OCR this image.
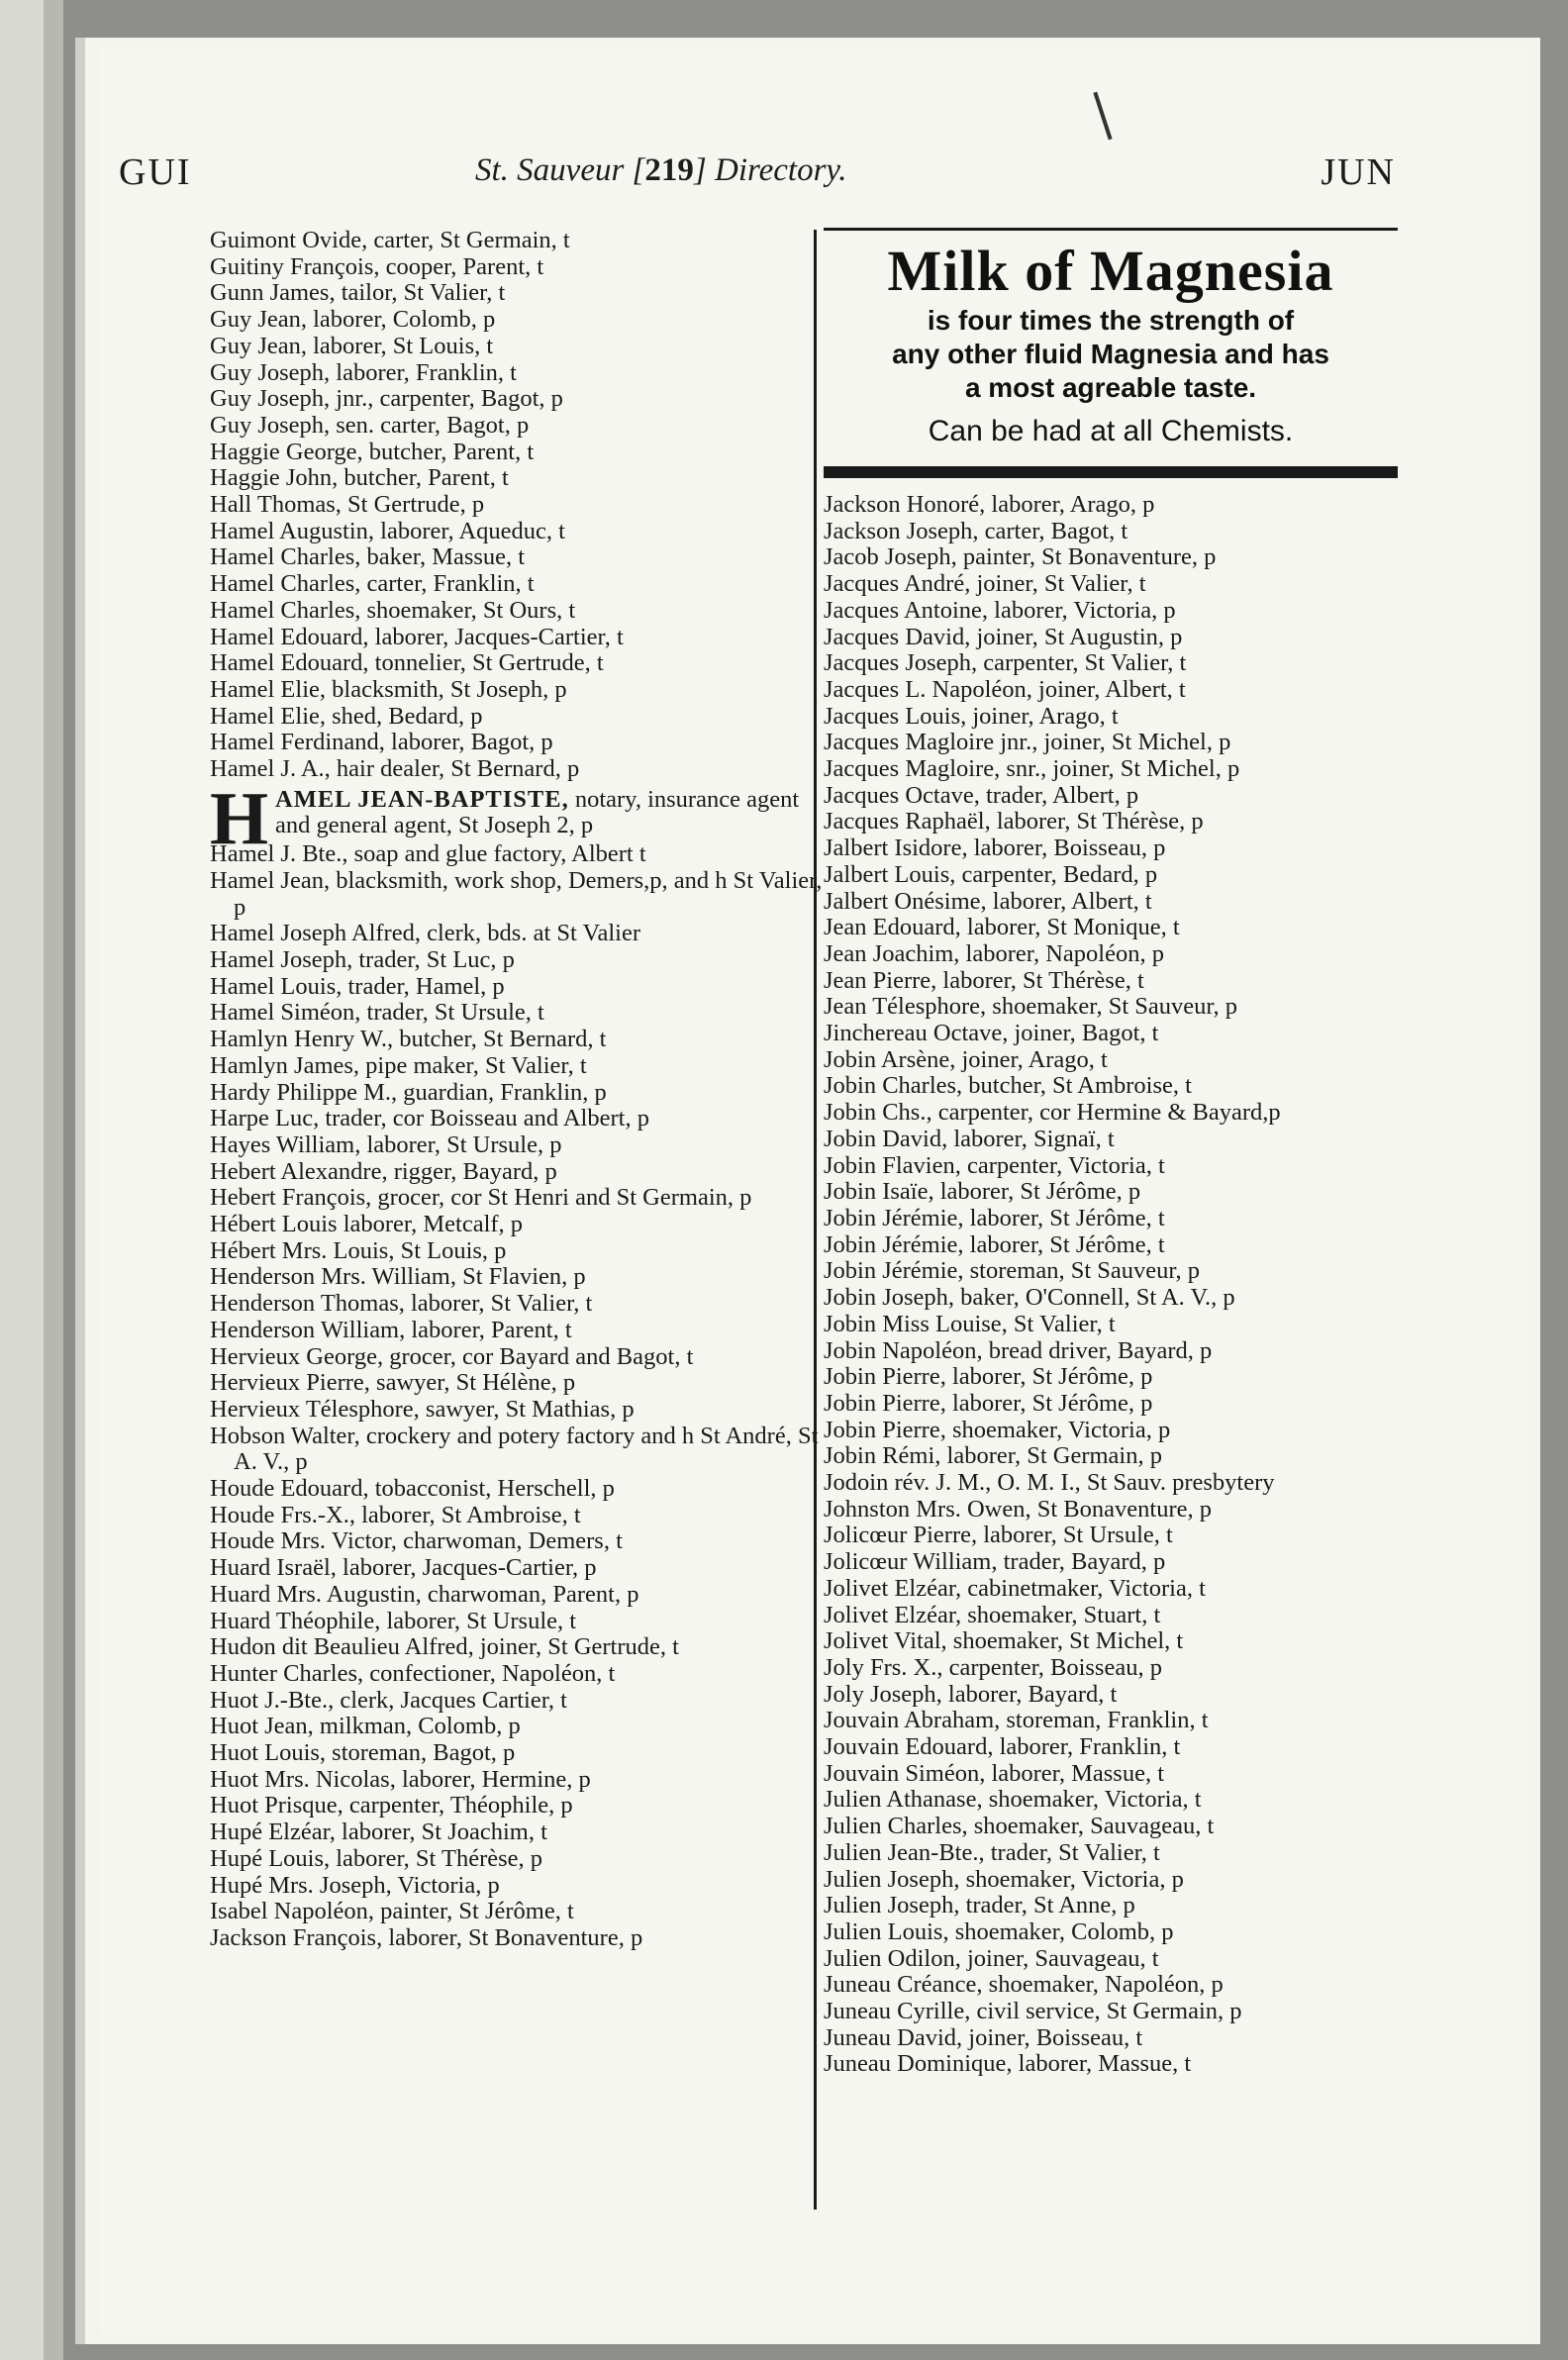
GUI	St. Sauveur [219] Directory.	JUN
Guimont Ovide, carter, St Germain, t
Guitiny François, cooper, Parent, t
Gunn James, tailor, St Valier, t
Guy Jean, laborer, Colomb, p
Guy Jean, laborer, St Louis, t
Guy Joseph, laborer, Franklin, t
Guy Joseph, jnr., carpenter, Bagot, p
Guy Joseph, sen. carter, Bagot, p
Haggie George, butcher, Parent, t
Haggie John, butcher, Parent, t
Hall Thomas, St Gertrude, p
Hamel Augustin, laborer, Aqueduc, t
Hamel Charles, baker, Massue, t
Hamel Charles, carter, Franklin, t
Hamel Charles, shoemaker, St Ours, t
Hamel Edouard, laborer, Jacques-Cartier, t
Hamel Edouard, tonnelier, St Gertrude, t
Hamel Elie, blacksmith, St Joseph, p
Hamel Elie, shed, Bedard, p
Hamel Ferdinand, laborer, Bagot, p
Hamel J. A., hair dealer, St Bernard, p
H AMEL JEAN-BAPTISTE, notary, insurance agent and general agent, St Joseph 2, p
Hamel J. Bte., soap and glue factory, Albert t
Hamel Jean, blacksmith, work shop, Demers,p, and h St Valier, p
Hamel Joseph Alfred, clerk, bds. at St Valier
Hamel Joseph, trader, St Luc, p
Hamel Louis, trader, Hamel, p
Hamel Siméon, trader, St Ursule, t
Hamlyn Henry W., butcher, St Bernard, t
Hamlyn James, pipe maker, St Valier, t
Hardy Philippe M., guardian, Franklin, p
Harpe Luc, trader, cor Boisseau and Albert, p
Hayes William, laborer, St Ursule, p
Hebert Alexandre, rigger, Bayard, p
Hebert François, grocer, cor St Henri and St Germain, p
Hébert Louis laborer, Metcalf, p
Hébert Mrs. Louis, St Louis, p
Henderson Mrs. William, St Flavien, p
Henderson Thomas, laborer, St Valier, t
Henderson William, laborer, Parent, t
Hervieux George, grocer, cor Bayard and Bagot, t
Hervieux Pierre, sawyer, St Hélène, p
Hervieux Télesphore, sawyer, St Mathias, p
Hobson Walter, crockery and potery factory and h St André, St A. V., p
Houde Edouard, tobacconist, Herschell, p
Houde Frs.-X., laborer, St Ambroise, t
Houde Mrs. Victor, charwoman, Demers, t
Huard Israël, laborer, Jacques-Cartier, p
Huard Mrs. Augustin, charwoman, Parent, p
Huard Théophile, laborer, St Ursule, t
Hudon dit Beaulieu Alfred, joiner, St Gertrude, t
Hunter Charles, confectioner, Napoléon, t
Huot J.-Bte., clerk, Jacques Cartier, t
Huot Jean, milkman, Colomb, p
Huot Louis, storeman, Bagot, p
Huot Mrs. Nicolas, laborer, Hermine, p
Huot Prisque, carpenter, Théophile, p
Hupé Elzéar, laborer, St Joachim, t
Hupé Louis, laborer, St Thérèse, p
Hupé Mrs. Joseph, Victoria, p
Isabel Napoléon, painter, St Jérôme, t
Jackson François, laborer, St Bonaventure, p
Milk of Magnesia
is four times the strength of
any other fluid Magnesia and has
a most agreable taste.
Can be had at all Chemists.
Jackson Honoré, laborer, Arago, p
Jackson Joseph, carter, Bagot, t
Jacob Joseph, painter, St Bonaventure, p
Jacques André, joiner, St Valier, t
Jacques Antoine, laborer, Victoria, p
Jacques David, joiner, St Augustin, p
Jacques Joseph, carpenter, St Valier, t
Jacques L. Napoléon, joiner, Albert, t
Jacques Louis, joiner, Arago, t
Jacques Magloire jnr., joiner, St Michel, p
Jacques Magloire, snr., joiner, St Michel, p
Jacques Octave, trader, Albert, p
Jacques Raphaël, laborer, St Thérèse, p
Jalbert Isidore, laborer, Boisseau, p
Jalbert Louis, carpenter, Bedard, p
Jalbert Onésime, laborer, Albert, t
Jean Edouard, laborer, St Monique, t
Jean Joachim, laborer, Napoléon, p
Jean Pierre, laborer, St Thérèse, t
Jean Télesphore, shoemaker, St Sauveur, p
Jinchereau Octave, joiner, Bagot, t
Jobin Arsène, joiner, Arago, t
Jobin Charles, butcher, St Ambroise, t
Jobin Chs., carpenter, cor Hermine & Bayard,p
Jobin David, laborer, Signaï, t
Jobin Flavien, carpenter, Victoria, t
Jobin Isaïe, laborer, St Jérôme, p
Jobin Jérémie, laborer, St Jérôme, t
Jobin Jérémie, laborer, St Jérôme, t
Jobin Jérémie, storeman, St Sauveur, p
Jobin Joseph, baker, O'Connell, St A. V., p
Jobin Miss Louise, St Valier, t
Jobin Napoléon, bread driver, Bayard, p
Jobin Pierre, laborer, St Jérôme, p
Jobin Pierre, laborer, St Jérôme, p
Jobin Pierre, shoemaker, Victoria, p
Jobin Rémi, laborer, St Germain, p
Jodoin rév. J. M., O. M. I., St Sauv. presbytery
Johnston Mrs. Owen, St Bonaventure, p
Jolicœur Pierre, laborer, St Ursule, t
Jolicœur William, trader, Bayard, p
Jolivet Elzéar, cabinetmaker, Victoria, t
Jolivet Elzéar, shoemaker, Stuart, t
Jolivet Vital, shoemaker, St Michel, t
Joly Frs. X., carpenter, Boisseau, p
Joly Joseph, laborer, Bayard, t
Jouvain Abraham, storeman, Franklin, t
Jouvain Edouard, laborer, Franklin, t
Jouvain Siméon, laborer, Massue, t
Julien Athanase, shoemaker, Victoria, t
Julien Charles, shoemaker, Sauvageau, t
Julien Jean-Bte., trader, St Valier, t
Julien Joseph, shoemaker, Victoria, p
Julien Joseph, trader, St Anne, p
Julien Louis, shoemaker, Colomb, p
Julien Odilon, joiner, Sauvageau, t
Juneau Créance, shoemaker, Napoléon, p
Juneau Cyrille, civil service, St Germain, p
Juneau David, joiner, Boisseau, t
Juneau Dominique, laborer, Massue, t
